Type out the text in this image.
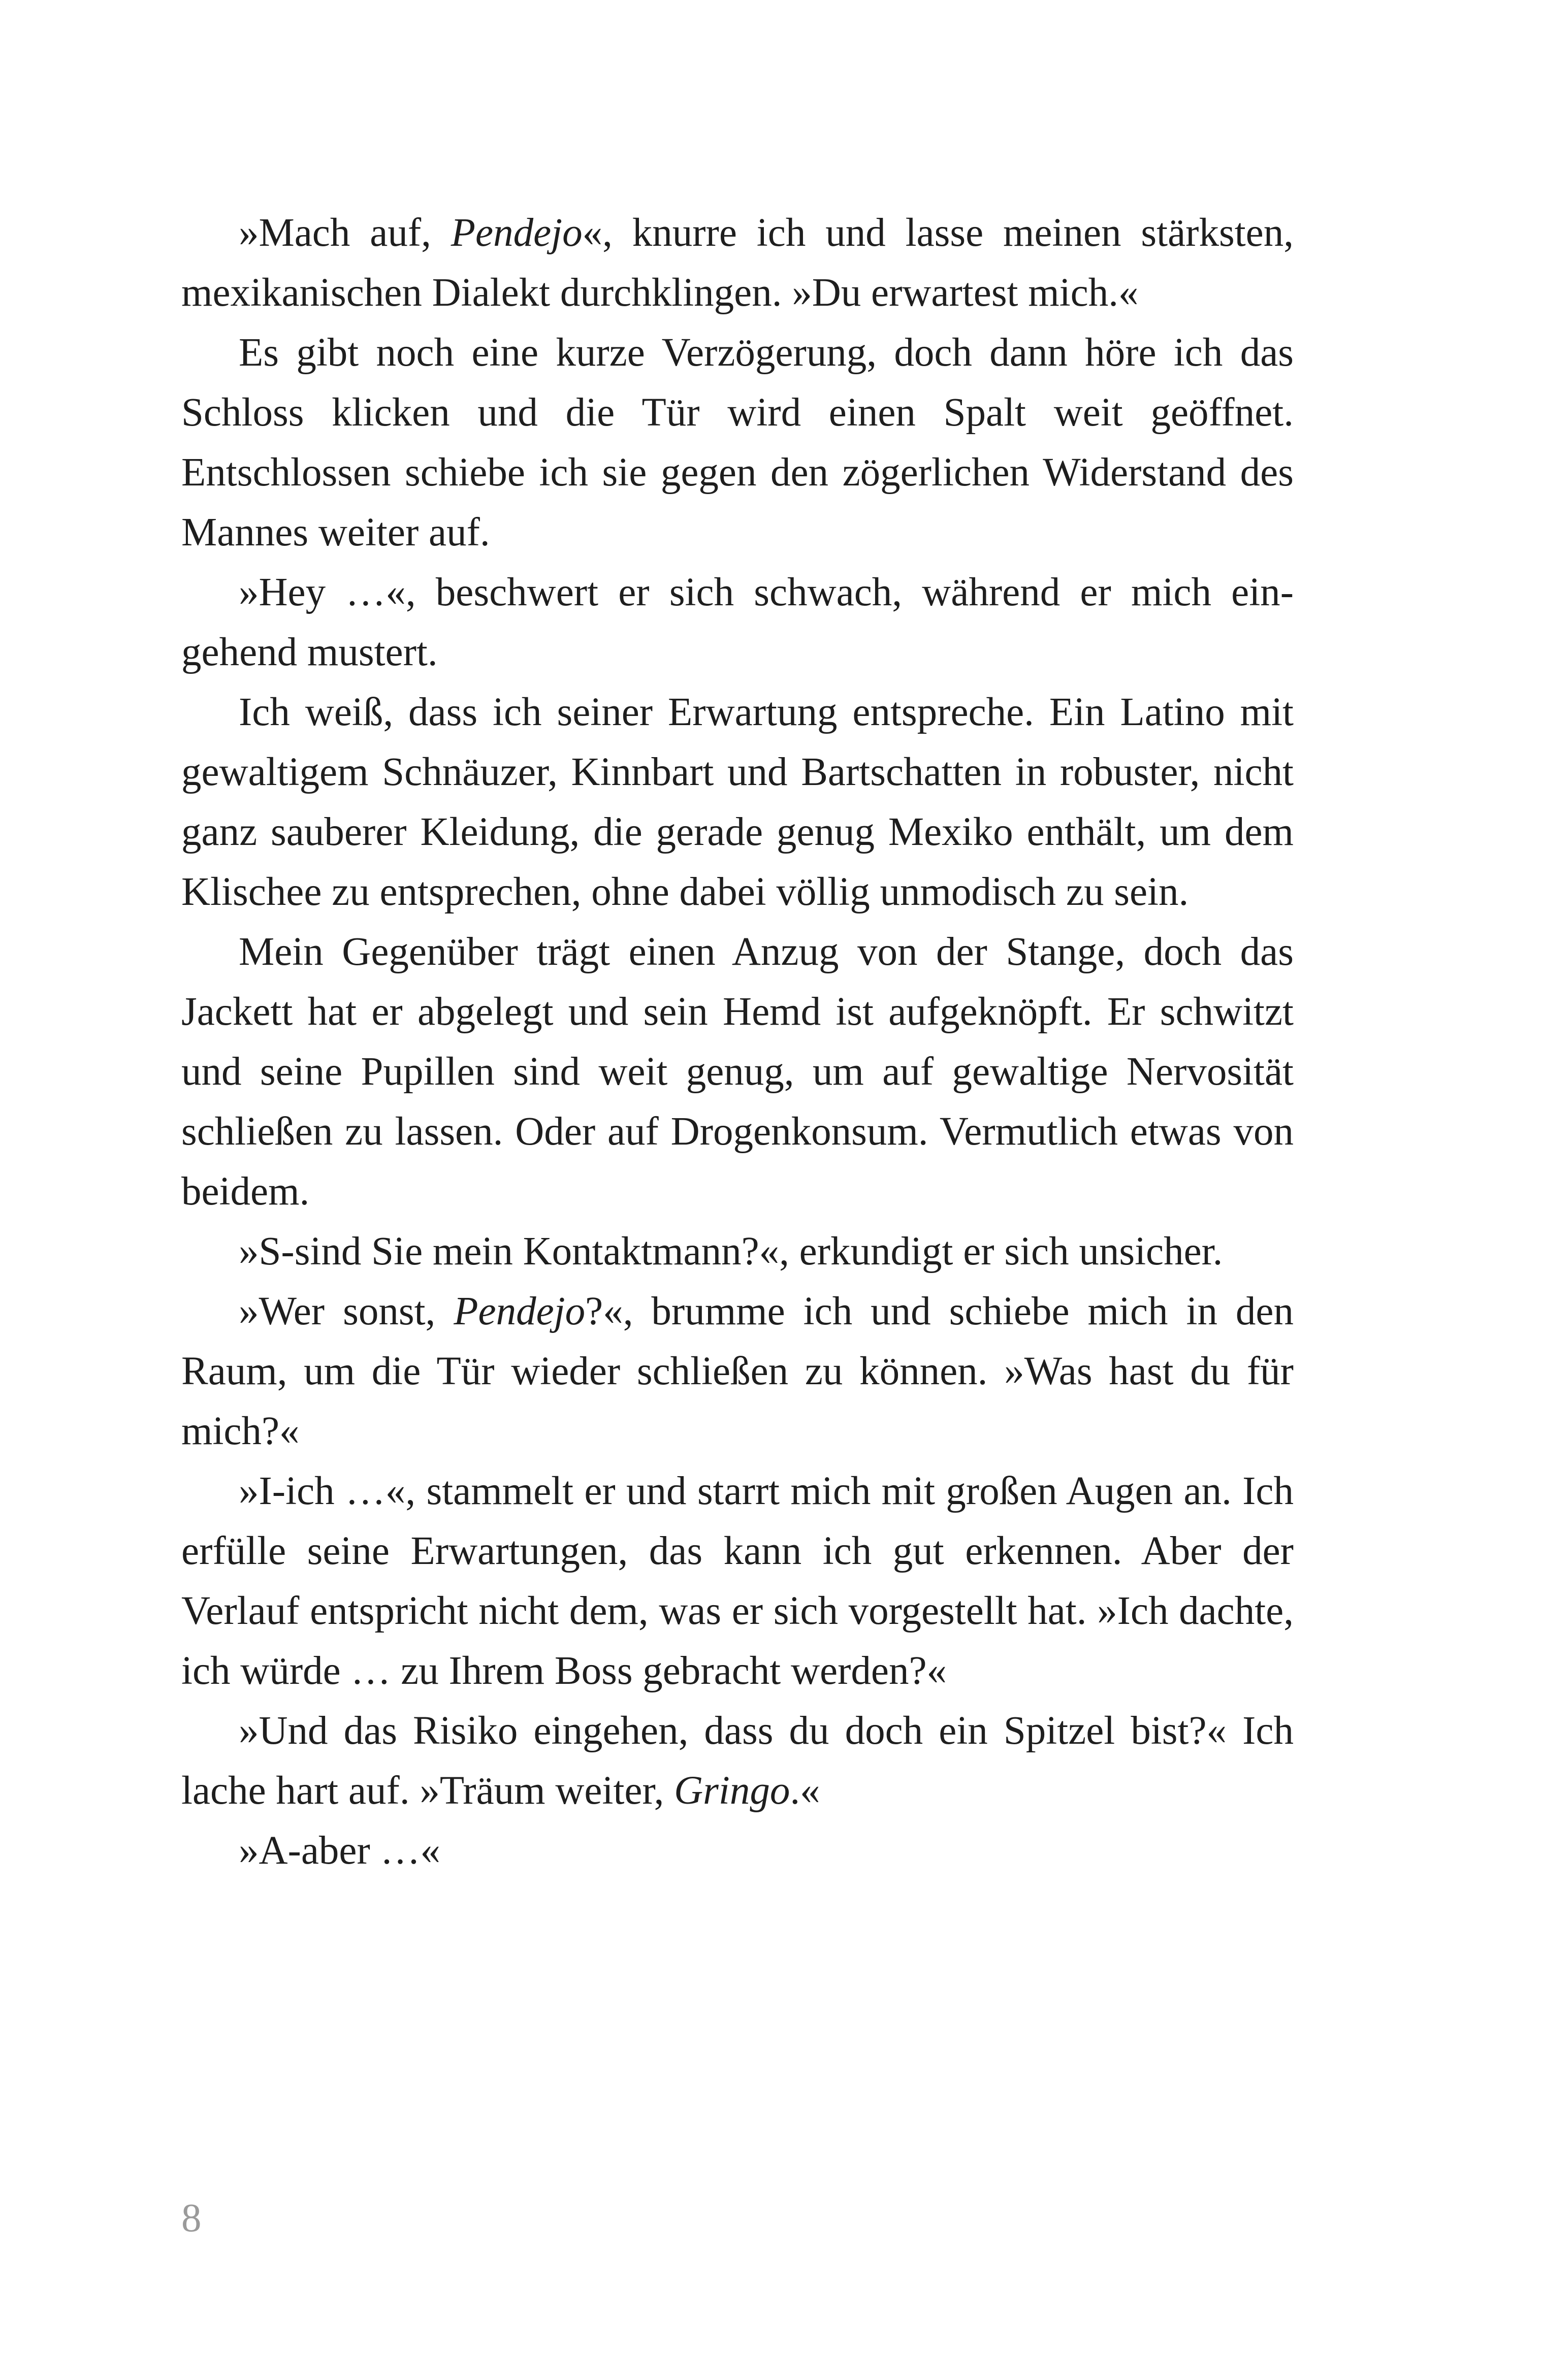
»Mach auf, Pendejo«, knurre ich und lasse meinen stärksten, mexikanischen Dialekt durchklingen. »Du erwartest mich.«

Es gibt noch eine kurze Verzögerung, doch dann höre ich das Schloss klicken und die Tür wird einen Spalt weit geöffnet. Entschlossen schiebe ich sie gegen den zögerlichen Widerstand des Mannes weiter auf.

»Hey …«, beschwert er sich schwach, während er mich eingehend mustert.

Ich weiß, dass ich seiner Erwartung entspreche. Ein Latino mit gewaltigem Schnäuzer, Kinnbart und Bartschatten in robuster, nicht ganz sauberer Kleidung, die gerade genug Mexiko enthält, um dem Klischee zu entsprechen, ohne dabei völlig unmodisch zu sein.

Mein Gegenüber trägt einen Anzug von der Stange, doch das Jackett hat er abgelegt und sein Hemd ist aufgeknöpft. Er schwitzt und seine Pupillen sind weit genug, um auf gewaltige Nervosität schließen zu lassen. Oder auf Drogenkonsum. Vermutlich etwas von beidem.

»S-sind Sie mein Kontaktmann?«, erkundigt er sich unsicher.

»Wer sonst, Pendejo?«, brumme ich und schiebe mich in den Raum, um die Tür wieder schließen zu können. »Was hast du für mich?«

»I-ich …«, stammelt er und starrt mich mit großen Augen an. Ich erfülle seine Erwartungen, das kann ich gut erkennen. Aber der Verlauf entspricht nicht dem, was er sich vorgestellt hat. »Ich dachte, ich würde … zu Ihrem Boss gebracht werden?«

»Und das Risiko eingehen, dass du doch ein Spitzel bist?« Ich lache hart auf. »Träum weiter, Gringo.«

»A-aber …«

8
